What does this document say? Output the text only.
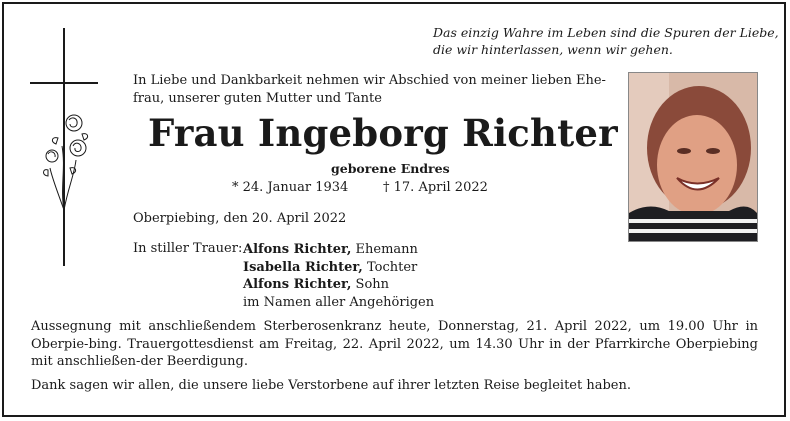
Das einzig Wahre im Leben sind die Spuren der Liebe,
die wir hinterlassen, wenn wir gehen.
In Liebe und Dankbarkeit nehmen wir Abschied von meiner lieben Ehe-
frau, unserer guten Mutter und Tante
Frau Ingeborg Richter
geborene Endres
* 24. Januar 1934	† 17. April 2022
Oberpiebing, den 20. April 2022
In stiller Trauer: Alfons Richter, Ehemann
Isabella Richter, Tochter
Alfons Richter, Sohn
im Namen aller Angehörigen

Aussegnung mit anschließendem Sterberosenkranz heute, Donnerstag, 21. April 2022, um 19.00 Uhr in Oberpie-bing. Trauergottesdienst am Freitag, 22. April 2022, um 14.30 Uhr in der Pfarrkirche Oberpiebing mit anschließen-der Beerdigung.

Dank sagen wir allen, die unsere liebe Verstorbene auf ihrer letzten Reise begleitet haben.
